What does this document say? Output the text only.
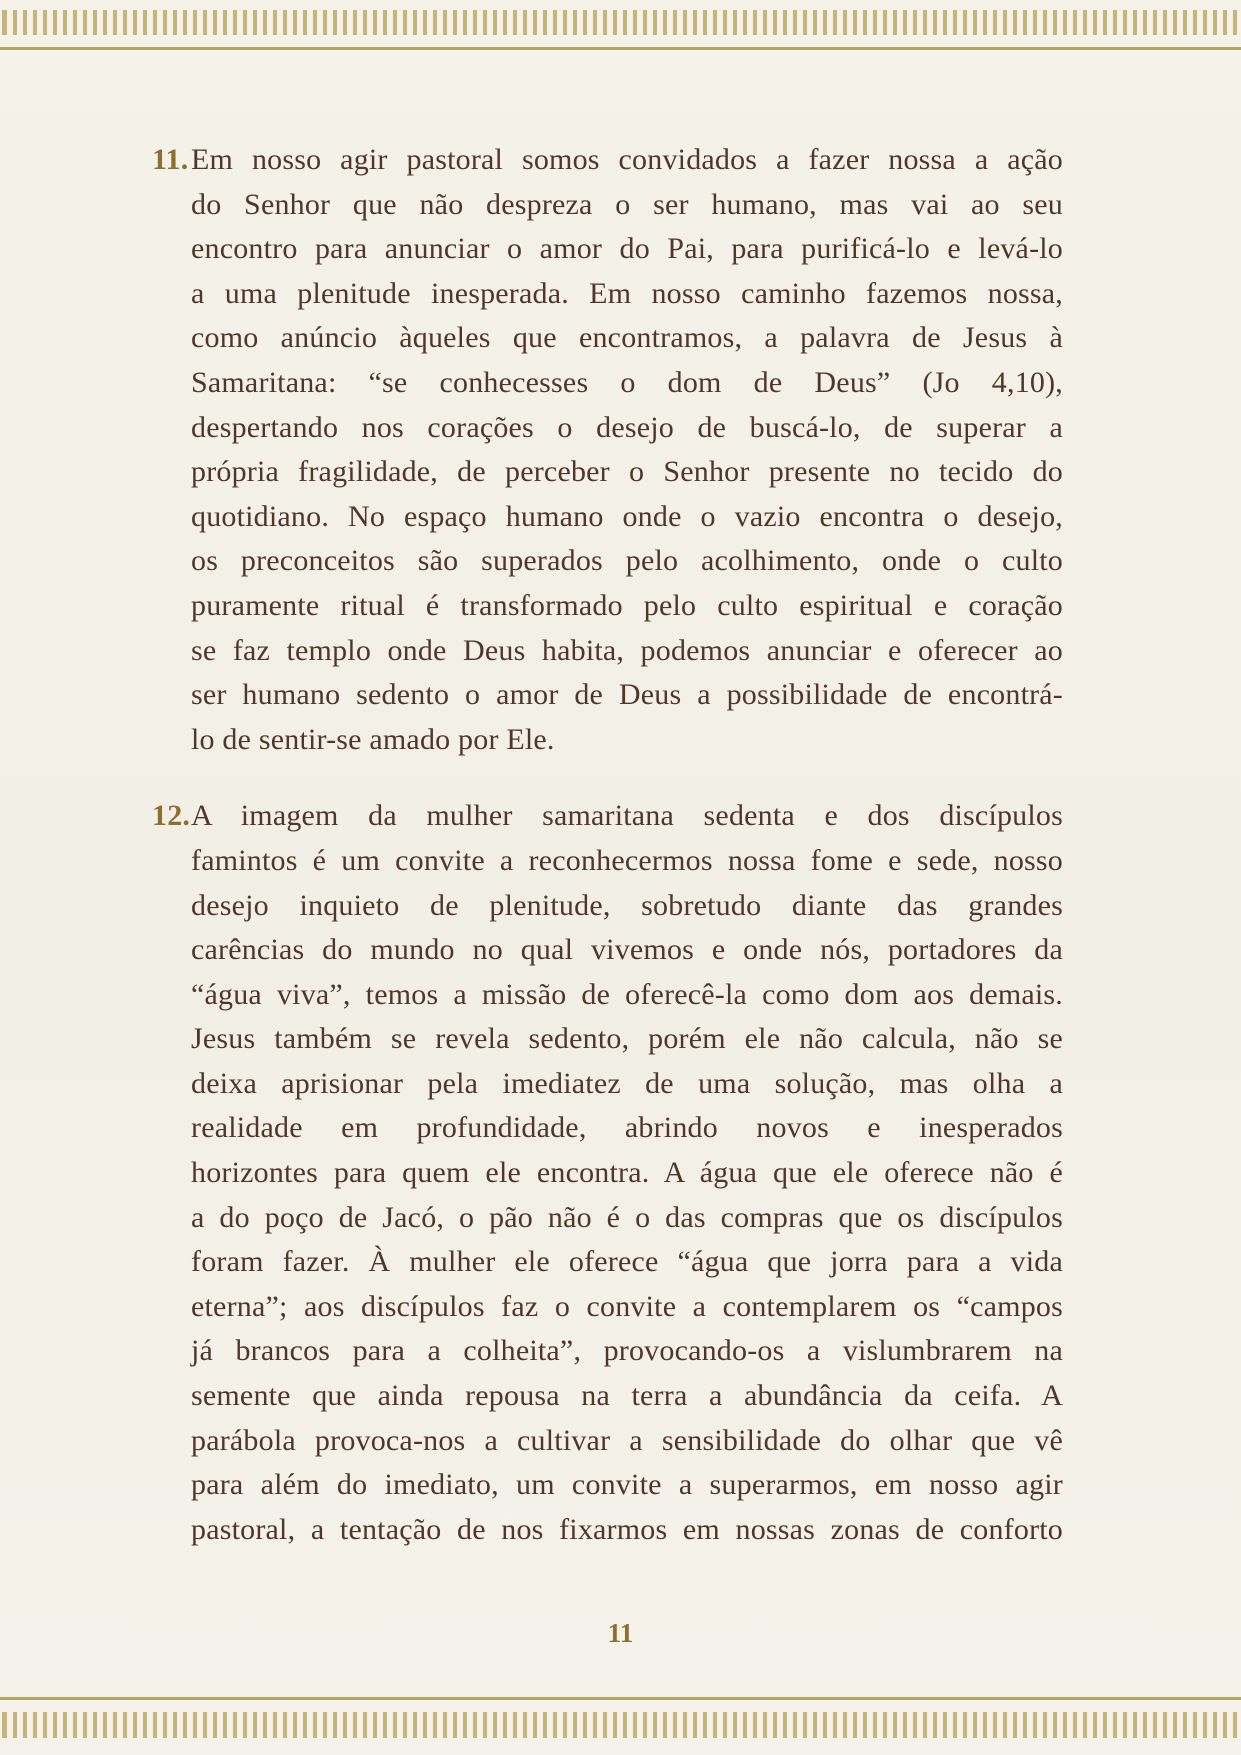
11. Em nosso agir pastoral somos convidados a fazer nossa a ação
do Senhor que não despreza o ser humano, mas vai ao seu
encontro para anunciar o amor do Pai, para purificá-lo e levá-lo
a uma plenitude inesperada. Em nosso caminho fazemos nossa,
como anúncio àqueles que encontramos, a palavra de Jesus à
Samaritana: “se conhecesses o dom de Deus” (Jo 4,10),
despertando nos corações o desejo de buscá-lo, de superar a
própria fragilidade, de perceber o Senhor presente no tecido do
quotidiano. No espaço humano onde o vazio encontra o desejo,
os preconceitos são superados pelo acolhimento, onde o culto
puramente ritual é transformado pelo culto espiritual e coração
se faz templo onde Deus habita, podemos anunciar e oferecer ao
ser humano sedento o amor de Deus a possibilidade de encontrá-
lo de sentir-se amado por Ele.
12. A imagem da mulher samaritana sedenta e dos discípulos
famintos é um convite a reconhecermos nossa fome e sede, nosso
desejo inquieto de plenitude, sobretudo diante das grandes
carências do mundo no qual vivemos e onde nós, portadores da
“água viva”, temos a missão de oferecê-la como dom aos demais.
Jesus também se revela sedento, porém ele não calcula, não se
deixa aprisionar pela imediatez de uma solução, mas olha a
realidade em profundidade, abrindo novos e inesperados
horizontes para quem ele encontra. A água que ele oferece não é
a do poço de Jacó, o pão não é o das compras que os discípulos
foram fazer. À mulher ele oferece “água que jorra para a vida
eterna”; aos discípulos faz o convite a contemplarem os “campos
já brancos para a colheita”, provocando-os a vislumbrarem na
semente que ainda repousa na terra a abundância da ceifa. A
parábola provoca-nos a cultivar a sensibilidade do olhar que vê
para além do imediato, um convite a superarmos, em nosso agir
pastoral, a tentação de nos fixarmos em nossas zonas de conforto
11
